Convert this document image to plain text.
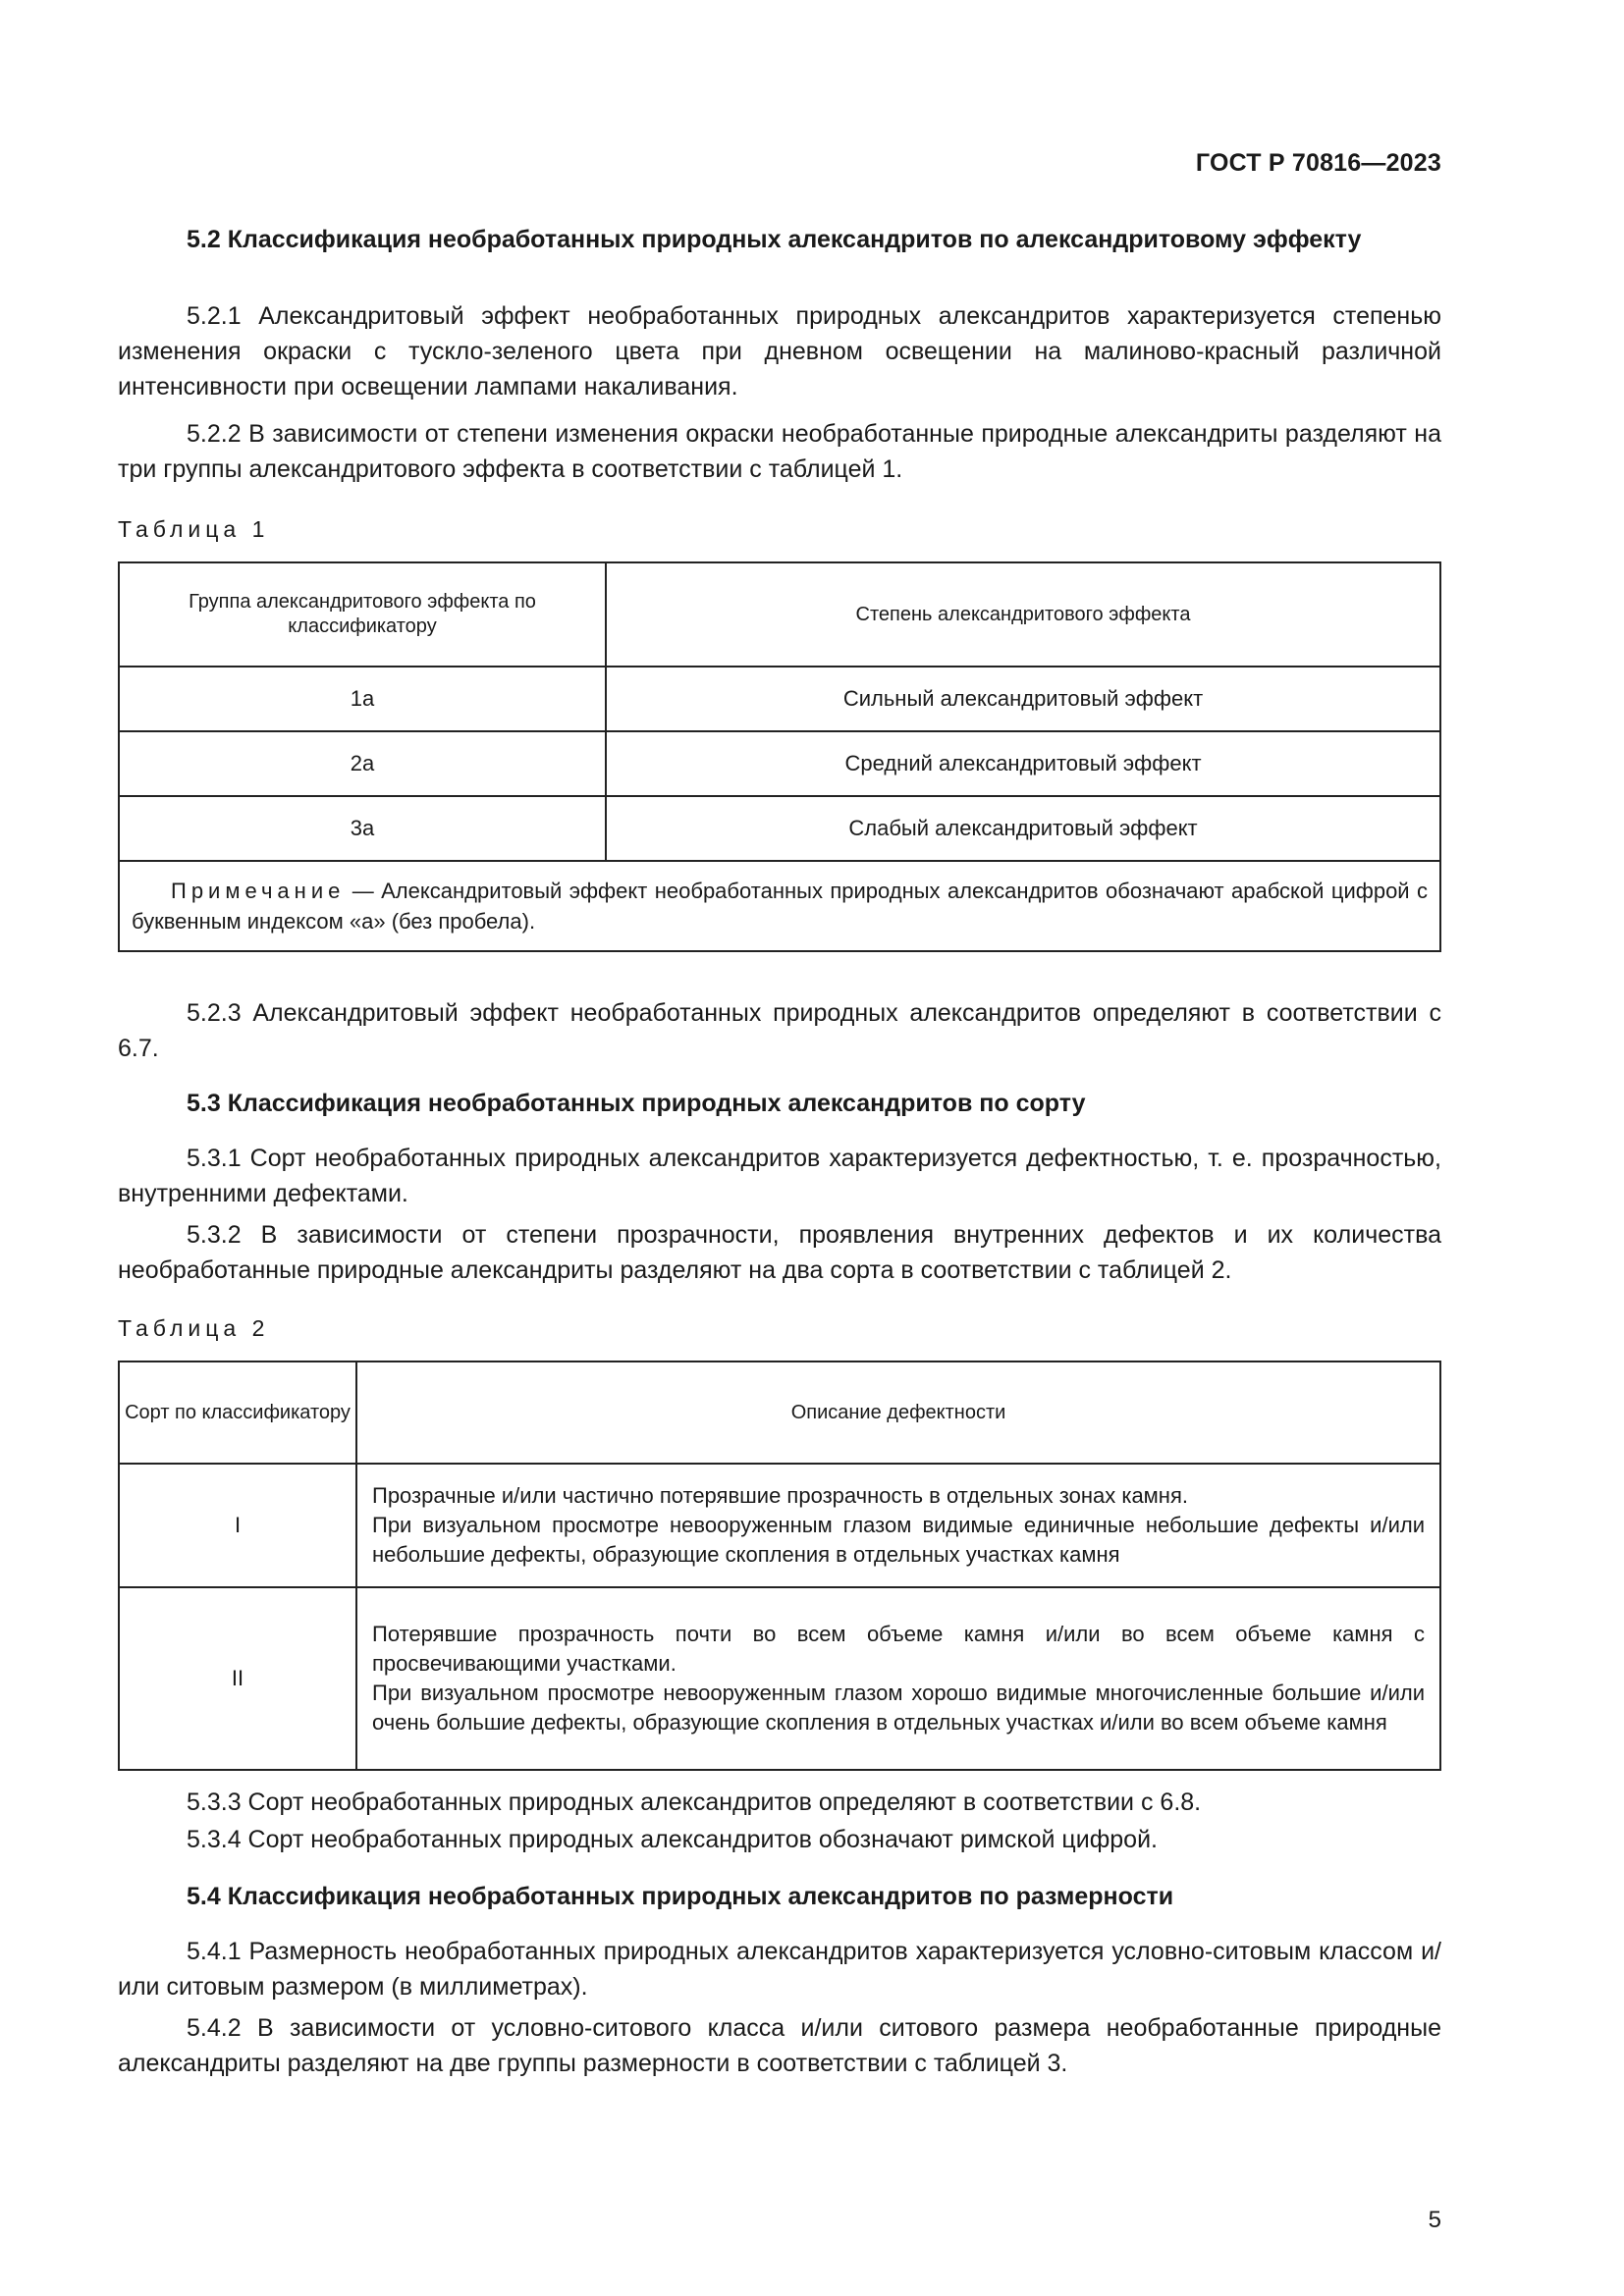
ГОСТ Р 70816—2023

5.2 Классификация необработанных природных александритов по александритовому эффекту

5.2.1 Александритовый эффект необработанных природных александритов характеризуется степенью изменения окраски с тускло-зеленого цвета при дневном освещении на малиново-красный различной интенсивности при освещении лампами накаливания.

5.2.2 В зависимости от степени изменения окраски необработанные природные александриты разделяют на три группы александритового эффекта в соответствии с таблицей 1.

Таблица 1

Группа александритового эффекта по классификатору	Степень александритового эффекта
1a	Сильный александритовый эффект
2a	Средний александритовый эффект
3a	Слабый александритовый эффект
Примечание — Александритовый эффект необработанных природных александритов обозначают арабской цифрой с буквенным индексом «а» (без пробела).	

5.2.3 Александритовый эффект необработанных природных александритов определяют в соответствии с 6.7.

5.3 Классификация необработанных природных александритов по сорту

5.3.1 Сорт необработанных природных александритов характеризуется дефектностью, т. е. прозрачностью, внутренними дефектами.

5.3.2 В зависимости от степени прозрачности, проявления внутренних дефектов и их количества необработанные природные александриты разделяют на два сорта в соответствии с таблицей 2.

Таблица 2

Сорт по классификатору	Описание дефектности
I	Прозрачные и/или частично потерявшие прозрачность в отдельных зонах камня.
При визуальном просмотре невооруженным глазом видимые единичные небольшие дефекты и/или небольшие дефекты, образующие скопления в отдельных участках камня

II	Потерявшие прозрачность почти во всем объеме камня и/или во всем объеме камня с просвечивающими участками.
При визуальном просмотре невооруженным глазом хорошо видимые многочисленные большие и/или очень большие дефекты, образующие скопления в отдельных участках и/или во всем объеме камня

5.3.3 Сорт необработанных природных александритов определяют в соответствии с 6.8.

5.3.4 Сорт необработанных природных александритов обозначают римской цифрой.

5.4 Классификация необработанных природных александритов по размерности

5.4.1 Размерность необработанных природных александритов характеризуется условно-ситовым классом и/или ситовым размером (в миллиметрах).

5.4.2 В зависимости от условно-ситового класса и/или ситового размера необработанные природные александриты разделяют на две группы размерности в соответствии с таблицей 3.

5
